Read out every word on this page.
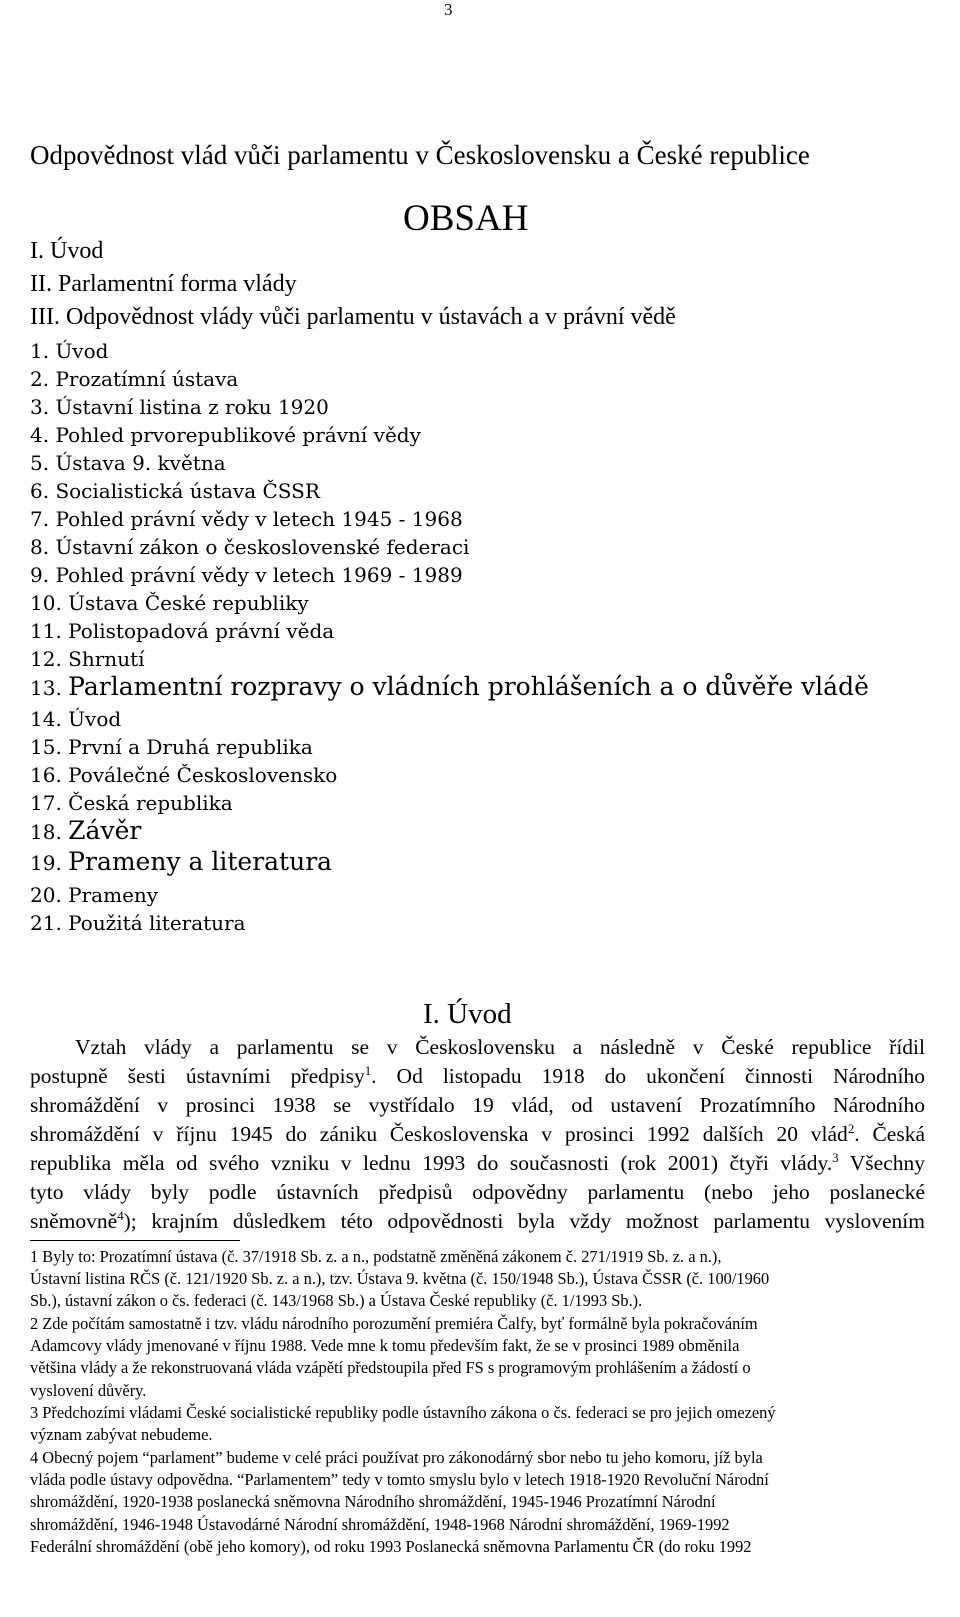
3
Odpovědnost vlád vůči parlamentu v Československu a České republice
OBSAH
I. Úvod
II. Parlamentní forma vlády
III. Odpovědnost vlády vůči parlamentu v ústavách a v právní vědě
1. Úvod
2. Prozatímní ústava
3. Ústavní listina z roku 1920
4. Pohled prvorepublikové právní vědy
5. Ústava 9. května
6. Socialistická ústava ČSSR
7. Pohled právní vědy v letech 1945 - 1968
8. Ústavní zákon o československé federaci
9. Pohled právní vědy v letech 1969 - 1989
10. Ústava České republiky
11. Polistopadová právní věda
12. Shrnutí
13. Parlamentní rozpravy o vládních prohlášeních a o důvěře vládě
14. Úvod
15. První a Druhá republika
16. Poválečné Československo
17. Česká republika
18. Závěr
19. Prameny a literatura
20. Prameny
21. Použitá literatura
I. Úvod
Vztah vlády a parlamentu se v Československu a následně v České republice řídil
postupně šesti ústavními předpisy$^1$. Od listopadu 1918 do ukončení činnosti Národního
shromáždění v prosinci 1938 se vystřídalo 19 vlád, od ustavení Prozatímního Národního
shromáždění v říjnu 1945 do zániku Československa v prosinci 1992 dalších 20 vlád$^2$. Česká
republika měla od svého vzniku v lednu 1993 do současnosti (rok 2001) čtyři vlády.$^3$ Všechny
tyto vlády byly podle ústavních předpisů odpovědny parlamentu (nebo jeho poslanecké
sněmovně$^4$); krajním důsledkem této odpovědnosti byla vždy možnost parlamentu vyslovením
1 Byly to: Prozatímní ústava (č. 37/1918 Sb. z. a n., podstatně změněná zákonem č. 271/1919 Sb. z. a n.),
Ústavní listina RČS (č. 121/1920 Sb. z. a n.), tzv. Ústava 9. května (č. 150/1948 Sb.), Ústava ČSSR (č. 100/1960
Sb.), ústavní zákon o čs. federaci (č. 143/1968 Sb.) a Ústava České republiky (č. 1/1993 Sb.).
2 Zde počítám samostatně i tzv. vládu národního porozumění premiéra Čalfy, byť formálně byla pokračováním
Adamcovy vlády jmenované v říjnu 1988. Vede mne k tomu především fakt, že se v prosinci 1989 obměnila
většina vlády a že rekonstruovaná vláda vzápětí předstoupila před FS s programovým prohlášením a žádostí o
vyslovení důvěry.
3 Předchozími vládami České socialistické republiky podle ústavního zákona o čs. federaci se pro jejich omezený
význam zabývat nebudeme.
4 Obecný pojem “parlament” budeme v celé práci používat pro zákonodárný sbor nebo tu jeho komoru, jíž byla
vláda podle ústavy odpovědna. “Parlamentem” tedy v tomto smyslu bylo v letech 1918-1920 Revoluční Národní
shromáždění, 1920-1938 poslanecká sněmovna Národního shromáždění, 1945-1946 Prozatímní Národní
shromáždění, 1946-1948 Ústavodárné Národní shromáždění, 1948-1968 Národní shromáždění, 1969-1992
Federální shromáždění (obě jeho komory), od roku 1993 Poslanecká sněmovna Parlamentu ČR (do roku 1992
